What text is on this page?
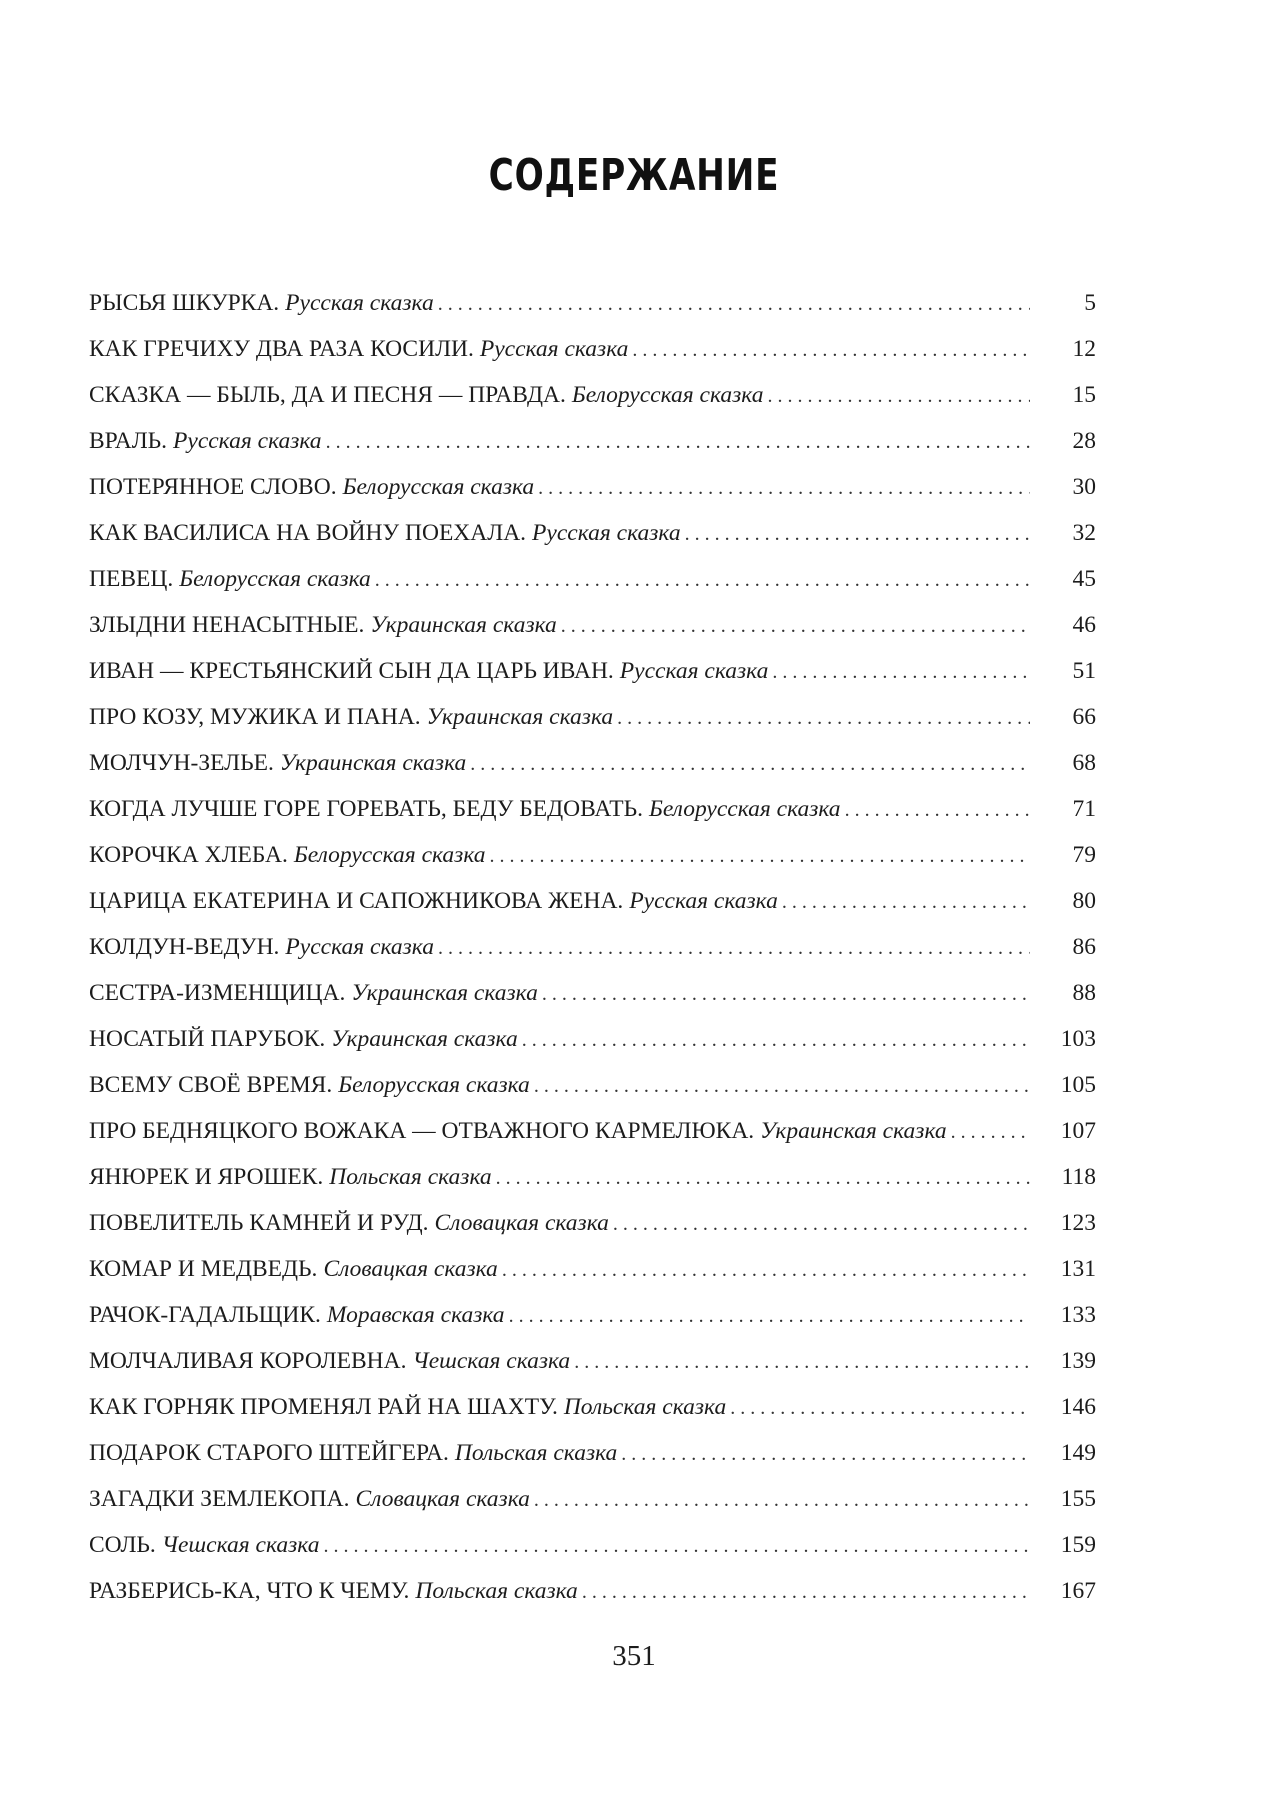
СОДЕРЖАНИЕ
РЫСЬЯ ШКУРКА. Русская сказка . . .	5
КАК ГРЕЧИХУ ДВА РАЗА КОСИЛИ. Русская сказка . . .	12
СКАЗКА — БЫЛЬ, ДА И ПЕСНЯ — ПРАВДА. Белорусская сказка . . .	15
ВРАЛЬ. Русская сказка . . .	28
ПОТЕРЯННОЕ СЛОВО. Белорусская сказка . . .	30
КАК ВАСИЛИСА НА ВОЙНУ ПОЕХАЛА. Русская сказка . . .	32
ПЕВЕЦ. Белорусская сказка . . .	45
ЗЛЫДНИ НЕНАСЫТНЫЕ. Украинская сказка . . .	46
ИВАН — КРЕСТЬЯНСКИЙ СЫН ДА ЦАРЬ ИВАН. Русская сказка . . .	51
ПРО КОЗУ, МУЖИКА И ПАНА. Украинская сказка . . .	66
МОЛЧУН-ЗЕЛЬЕ. Украинская сказка . . .	68
КОГДА ЛУЧШЕ ГОРЕ ГОРЕВАТЬ, БЕДУ БЕДОВАТЬ. Белорусская сказка . . .	71
КОРОЧКА ХЛЕБА. Белорусская сказка . . .	79
ЦАРИЦА ЕКАТЕРИНА И САПОЖНИКОВА ЖЕНА. Русская сказка . . .	80
КОЛДУН-ВЕДУН. Русская сказка . . .	86
СЕСТРА-ИЗМЕНЩИЦА. Украинская сказка . . .	88
НОСАТЫЙ ПАРУБОК. Украинская сказка . . .	103
ВСЕМУ СВОЁ ВРЕМЯ. Белорусская сказка . . .	105
ПРО БЕДНЯЦКОГО ВОЖАКА — ОТВАЖНОГО КАРМЕЛЮКА. Украинская сказка . . .	107
ЯНЮРЕК И ЯРОШЕК. Польская сказка . . .	118
ПОВЕЛИТЕЛЬ КАМНЕЙ И РУД. Словацкая сказка . . .	123
КОМАР И МЕДВЕДЬ. Словацкая сказка . . .	131
РАЧОК-ГАДАЛЬЩИК. Моравская сказка . . .	133
МОЛЧАЛИВАЯ КОРОЛЕВНА. Чешская сказка . . .	139
КАК ГОРНЯК ПРОМЕНЯЛ РАЙ НА ШАХТУ. Польская сказка . . .	146
ПОДАРОК СТАРОГО ШТЕЙГЕРА. Польская сказка . . .	149
ЗАГАДКИ ЗЕМЛЕКОПА. Словацкая сказка . . .	155
СОЛЬ. Чешская сказка . . .	159
РАЗБЕРИСЬ-КА, ЧТО К ЧЕМУ. Польская сказка . . .	167
351
